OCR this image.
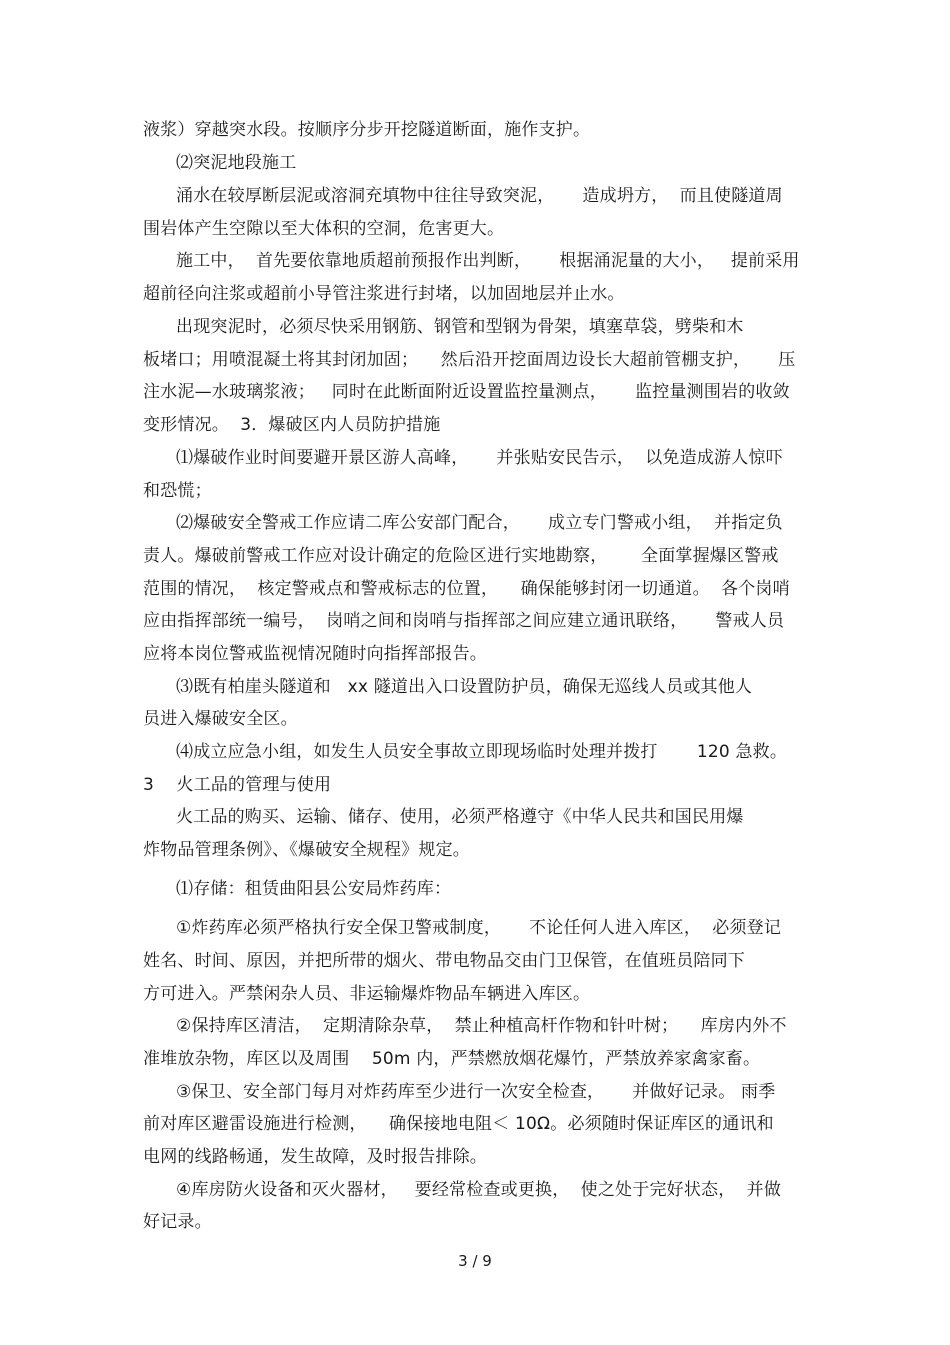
液浆）穿越突水段。按顺序分步开挖隧道断面，施作支护。
⑵突泥地段施工
涌水在较厚断层泥或溶洞充填物中往往导致突泥，     造成坍方，  而且使隧道周
围岩体产生空隙以至大体积的空洞，危害更大。
施工中，  首先要依靠地质超前预报作出判断，     根据涌泥量的大小，   提前采用
超前径向注浆或超前小导管注浆进行封堵，以加固地层并止水。
出现突泥时，必须尽快采用钢筋、钢管和型钢为骨架，填塞草袋，劈柴和木
板堵口；用喷混凝土将其封闭加固；    然后沿开挖面周边设长大超前管棚支护，     压
注水泥—水玻璃浆液；   同时在此断面附近设置监控量测点，     监控量测围岩的收敛
变形情况。  3．爆破区内人员防护措施
⑴爆破作业时间要避开景区游人高峰，     并张贴安民告示，  以免造成游人惊吓
和恐慌；
⑵爆破安全警戒工作应请二库公安部门配合，     成立专门警戒小组，  并指定负
责人。爆破前警戒工作应对设计确定的危险区进行实地勘察，      全面掌握爆区警戒
范围的情况，  核定警戒点和警戒标志的位置，    确保能够封闭一切通道。  各个岗哨
应由指挥部统一编号，  岗哨之间和岗哨与指挥部之间应建立通讯联络，     警戒人员
应将本岗位警戒监视情况随时向指挥部报告。
⑶既有柏崖头隧道和   xx 隧道出入口设置防护员，确保无巡线人员或其他人
员进入爆破安全区。
⑷成立应急小组，如发生人员安全事故立即现场临时处理并拨打       120 急救。
3    火工品的管理与使用
火工品的购买、运输、储存、使用，必须严格遵守《中华人民共和国民用爆
炸物品管理条例》、《爆破安全规程》规定。
⑴存储：租赁曲阳县公安局炸药库：
①炸药库必须严格执行安全保卫警戒制度，     不论任何人进入库区，  必须登记
姓名、时间、原因，并把所带的烟火、带电物品交由门卫保管，在值班员陪同下
方可进入。严禁闲杂人员、非运输爆炸物品车辆进入库区。
②保持库区清洁，  定期清除杂草，  禁止种植高杆作物和针叶树；    库房内外不
准堆放杂物，库区以及周围    50m 内，严禁燃放烟花爆竹，严禁放养家禽家畜。
③保卫、安全部门每月对炸药库至少进行一次安全检查，     并做好记录。 雨季
前对库区避雷设施进行检测，    确保接地电阻＜ 10Ω。必须随时保证库区的通讯和
电网的线路畅通，发生故障，及时报告排除。
④库房防火设备和灭火器材，   要经常检查或更换，  使之处于完好状态，  并做
好记录。
3 / 9
